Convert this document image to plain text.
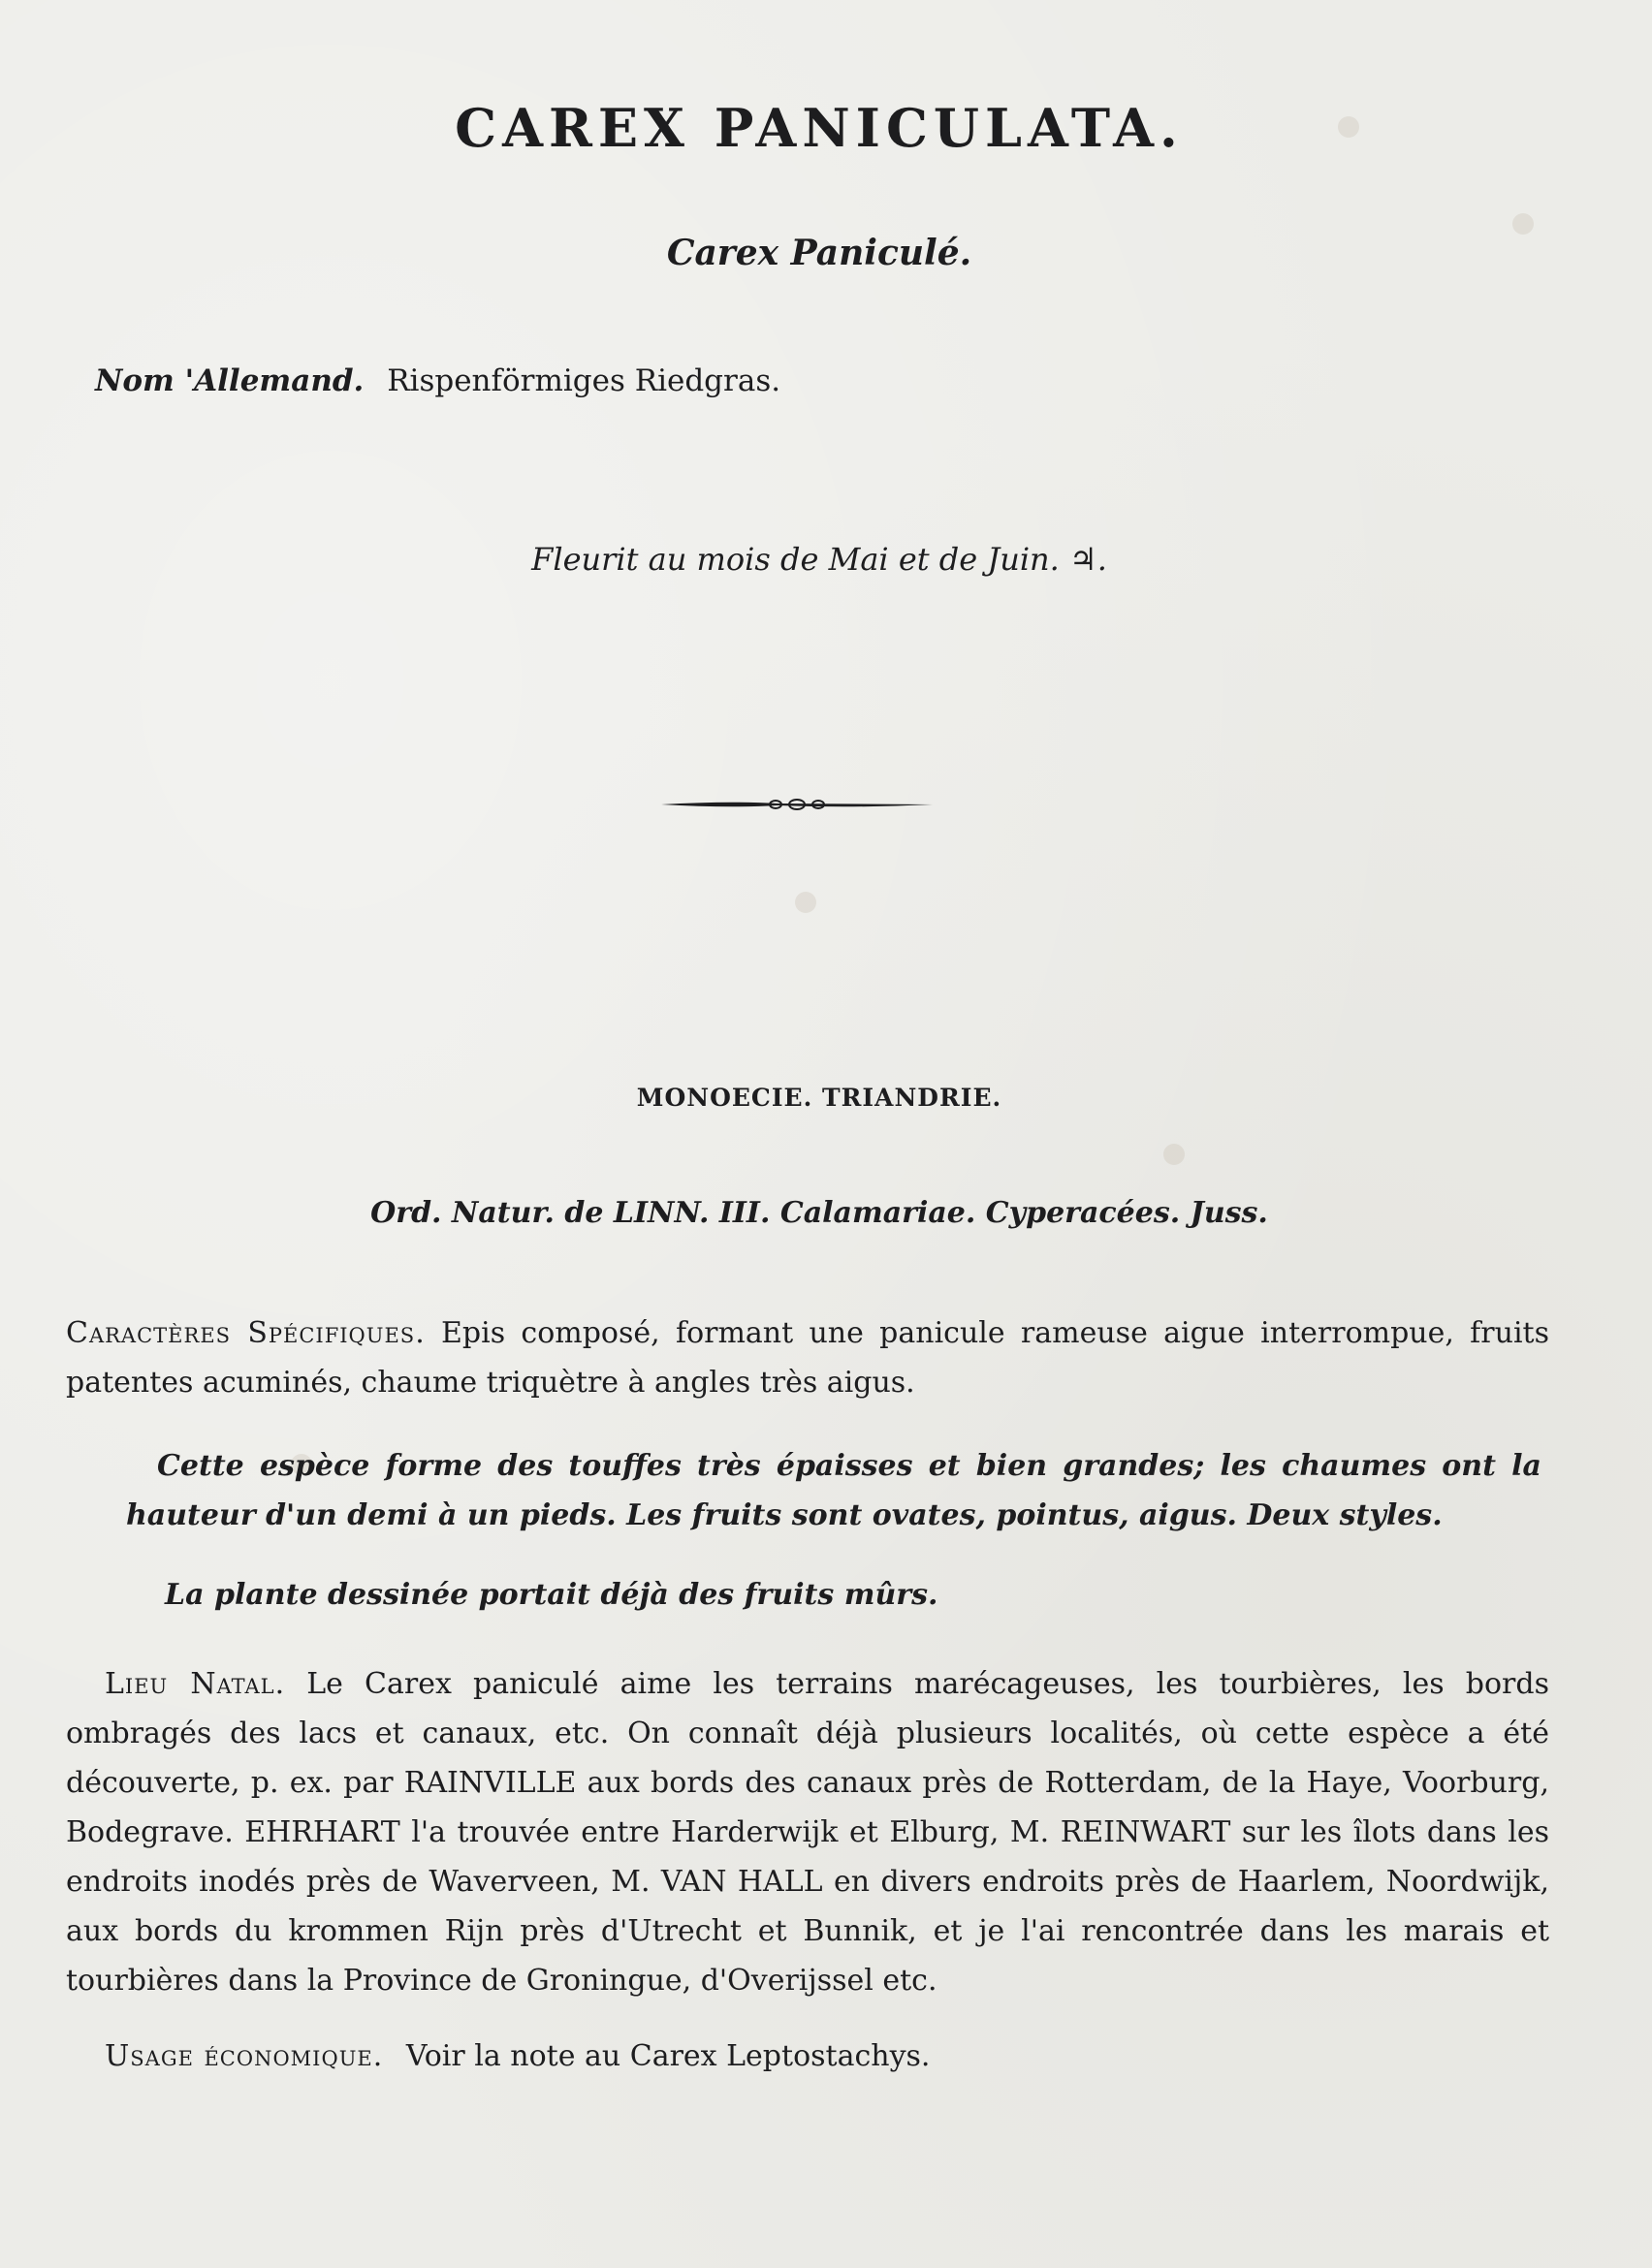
CAREX PANICULATA.
Carex Paniculé.
Nom 'Allemand. Rispenförmiges Riedgras.
Fleurit au mois de Mai et de Juin. ♃.
MONOECIE. TRIANDRIE.
Ord. Natur. de LINN. III. Calamariae. Cyperacées. Juss.
Caractères Spécifiques. Epis composé, formant une panicule rameuse aigue interrompue, fruits patentes acuminés, chaume triquètre à angles très aigus.
Cette espèce forme des touffes très épaisses et bien grandes; les chaumes ont la hauteur d'un demi à un pieds. Les fruits sont ovates, pointus, aigus. Deux styles.
La plante dessinée portait déjà des fruits mûrs.
Lieu Natal. Le Carex paniculé aime les terrains marécageuses, les tourbières, les bords ombragés des lacs et canaux, etc. On connaît déjà plusieurs localités, où cette espèce a été découverte, p. ex. par RAINVILLE aux bords des canaux près de Rotterdam, de la Haye, Voorburg, Bodegrave. EHRHART l'a trouvée entre Harderwijk et Elburg, M. REINWART sur les îlots dans les endroits inodés près de Waverveen, M. VAN HALL en divers endroits près de Haarlem, Noordwijk, aux bords du krommen Rijn près d'Utrecht et Bunnik, et je l'ai rencontrée dans les marais et tourbières dans la Province de Groningue, d'Overijssel etc.
Usage économique. Voir la note au Carex Leptostachys.
